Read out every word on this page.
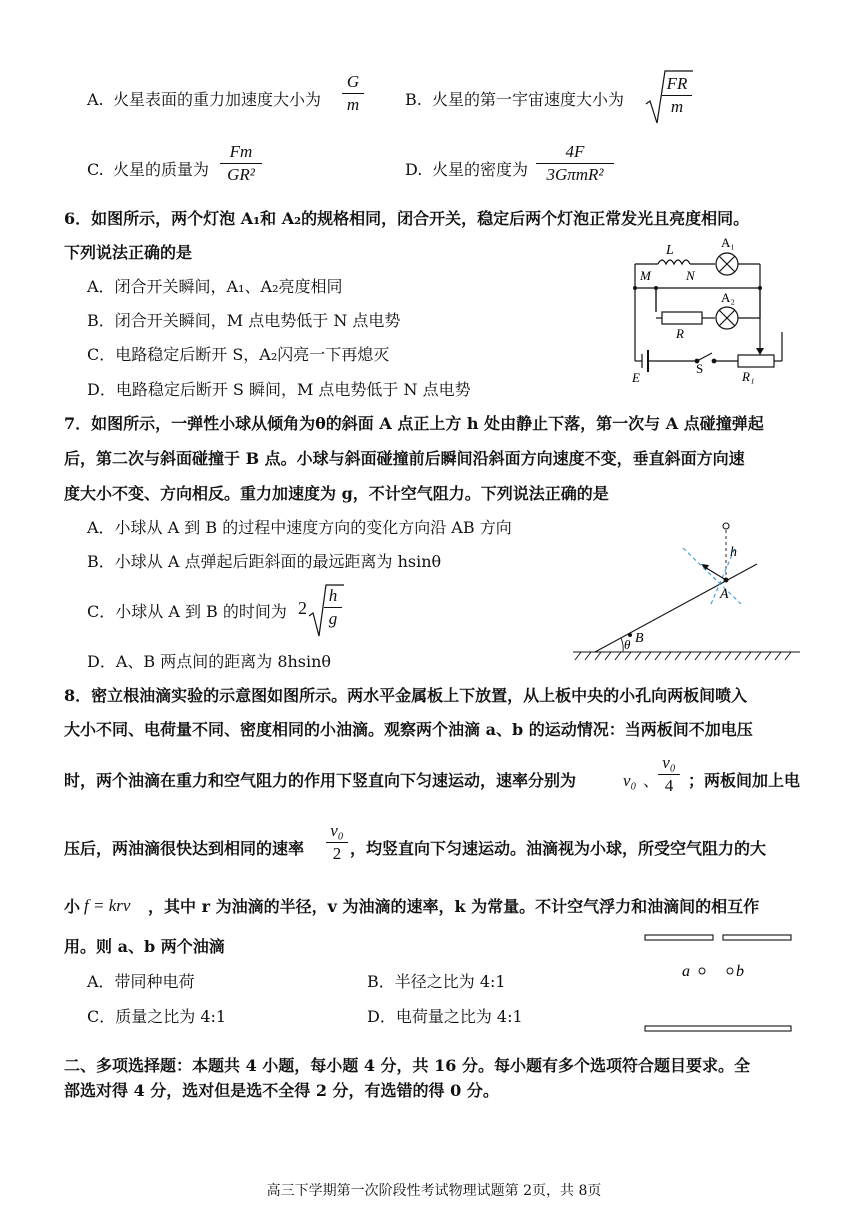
A. 火星表面的重力加速度大小为
G
m	B. 火星的第一宇宙速度大小为
FR
m
C. 火星的质量为
Fm
GR²	D. 火星的密度为
4F
3GπmR²
6．如图所示，两个灯泡 A₁和 A₂的规格相同，闭合开关，稳定后两个灯泡正常发光且亮度相同。
下列说法正确的是
A．闭合开关瞬间，A₁、A₂亮度相同
B．闭合开关瞬间，M 点电势低于 N 点电势
C．电路稳定后断开 S，A₂闪亮一下再熄灭
D．电路稳定后断开 S 瞬间，M 点电势低于 N 点电势
L
A₁
M	N
A₂
R
E
S
R₁
7．如图所示，一弹性小球从倾角为θ的斜面 A 点正上方 h 处由静止下落，第一次与 A 点碰撞弹起
后，第二次与斜面碰撞于 B 点。小球与斜面碰撞前后瞬间沿斜面方向速度不变，垂直斜面方向速
度大小不变、方向相反。重力加速度为 g，不计空气阻力。下列说法正确的是
A．小球从 A 到 B 的过程中速度方向的变化方向沿 AB 方向
B．小球从 A 点弹起后距斜面的最远距离为 hsinθ
C．小球从 A 到 B 的时间为 2
h
g
D．A、B 两点间的距离为 8hsinθ
h
A
B
θ
8．密立根油滴实验的示意图如图所示。两水平金属板上下放置，从上板中央的小孔向两板间喷入
大小不同、电荷量不同、密度相同的小油滴。观察两个油滴 a、b 的运动情况：当两板间不加电压
时，两个油滴在重力和空气阻力的作用下竖直向下匀速运动，速率分别为	v₀ 、
v₀
4 ；两板间加上电
压后，两油滴很快达到相同的速率
v₀
2 ，均竖直向下匀速运动。油滴视为小球，所受空气阻力的大
小 f = krv ，其中 r 为油滴的半径，v 为油滴的速率，k 为常量。不计空气浮力和油滴间的相互作
用。则 a、b 两个油滴
A．带同种电荷	B．半径之比为 4:1
C．质量之比为 4:1	D．电荷量之比为 4:1
a	b
二、多项选择题：本题共 4 小题，每小题 4 分，共 16 分。每小题有多个选项符合题目要求。全
部选对得 4 分，选对但是选不全得 2 分，有选错的得 0 分。
高三下学期第一次阶段性考试物理试题第 2页，共 8页
